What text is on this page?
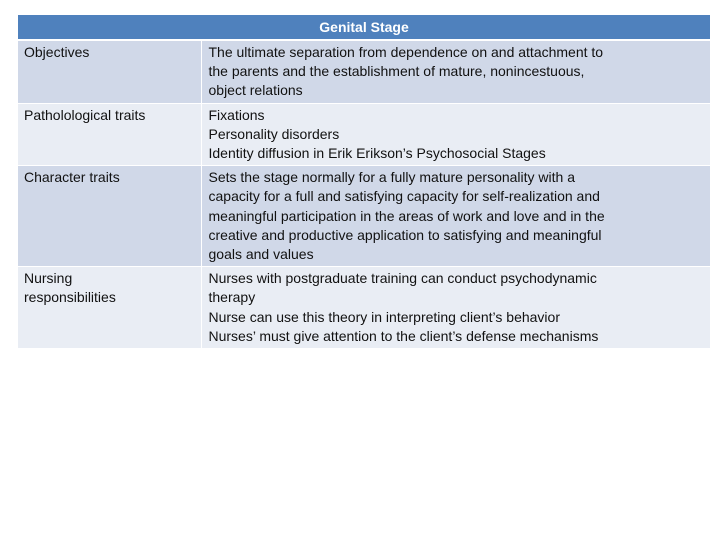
Genital Stage	
Objectives	The ultimate separation from dependence on and attachment to
the parents and the establishment of mature, nonincestuous,
object relations

Patholological traits	Fixations
Personality disorders
Identity diffusion in Erik Erikson’s Psychosocial Stages

Character traits	Sets the stage normally for a fully mature personality with a
capacity for a full and satisfying capacity for self-realization and
meaningful participation in the areas of work and love and in the
creative and productive application to satisfying and meaningful
goals and values

Nursing
responsibilities	Nurses with postgraduate training can conduct psychodynamic
therapy
Nurse can use this theory in interpreting client’s behavior
Nurses’ must give attention to the client’s defense mechanisms
